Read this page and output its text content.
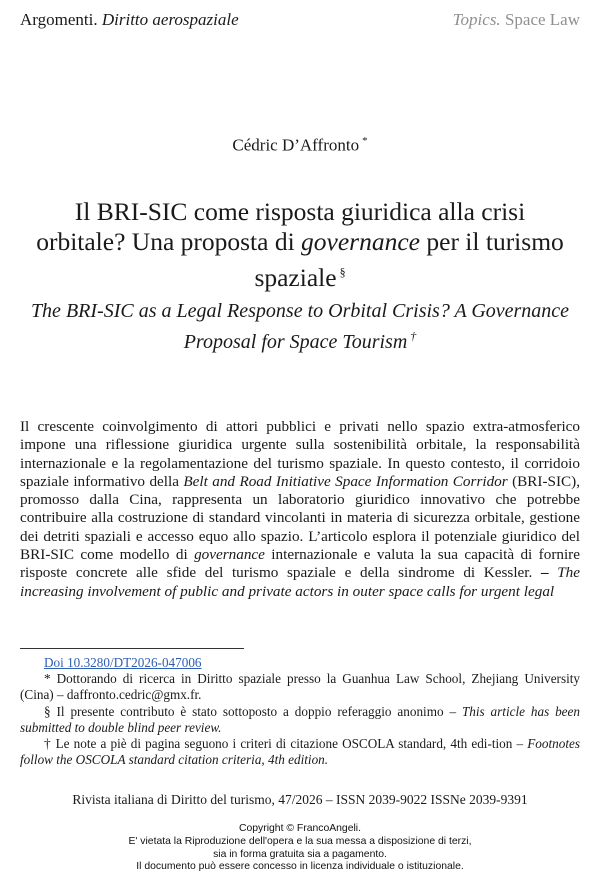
Argomenti. Diritto aerospaziale	Topics. Space Law
Cédric D’Affronto *
Il BRI-SIC come risposta giuridica alla crisi orbitale? Una proposta di governance per il turismo spaziale §
The BRI-SIC as a Legal Response to Orbital Crisis? A Governance Proposal for Space Tourism †
Il crescente coinvolgimento di attori pubblici e privati nello spazio extra-atmosferico impone una riflessione giuridica urgente sulla sostenibilità orbitale, la responsabilità internazionale e la regolamentazione del turismo spaziale. In questo contesto, il corridoio spaziale informativo della Belt and Road Initiative Space Information Corridor (BRI-SIC), promosso dalla Cina, rappresenta un laboratorio giuridico innovativo che potrebbe contribuire alla costruzione di standard vincolanti in materia di sicurezza orbitale, gestione dei detriti spaziali e accesso equo allo spazio. L’articolo esplora il potenziale giuridico del BRI-SIC come modello di governance internazionale e valuta la sua capacità di fornire risposte concrete alle sfide del turismo spaziale e della sindrome di Kessler. – The increasing involvement of public and private actors in outer space calls for urgent legal

Doi 10.3280/DT2026-047006

* Dottorando di ricerca in Diritto spaziale presso la Guanhua Law School, Zhejiang University (Cina) – daffronto.cedric@gmx.fr.

§ Il presente contributo è stato sottoposto a doppio referaggio anonimo – This article has been submitted to double blind peer review.

† Le note a piè di pagina seguono i criteri di citazione OSCOLA standard, 4th edi-tion – Footnotes follow the OSCOLA standard citation criteria, 4th edition.

Rivista italiana di Diritto del turismo, 47/2026 – ISSN 2039-9022 ISSNe 2039-9391
Copyright © FrancoAngeli.
E' vietata la Riproduzione dell'opera e la sua messa a disposizione di terzi,
sia in forma gratuita sia a pagamento.
Il documento può essere concesso in licenza individuale o istituzionale.
